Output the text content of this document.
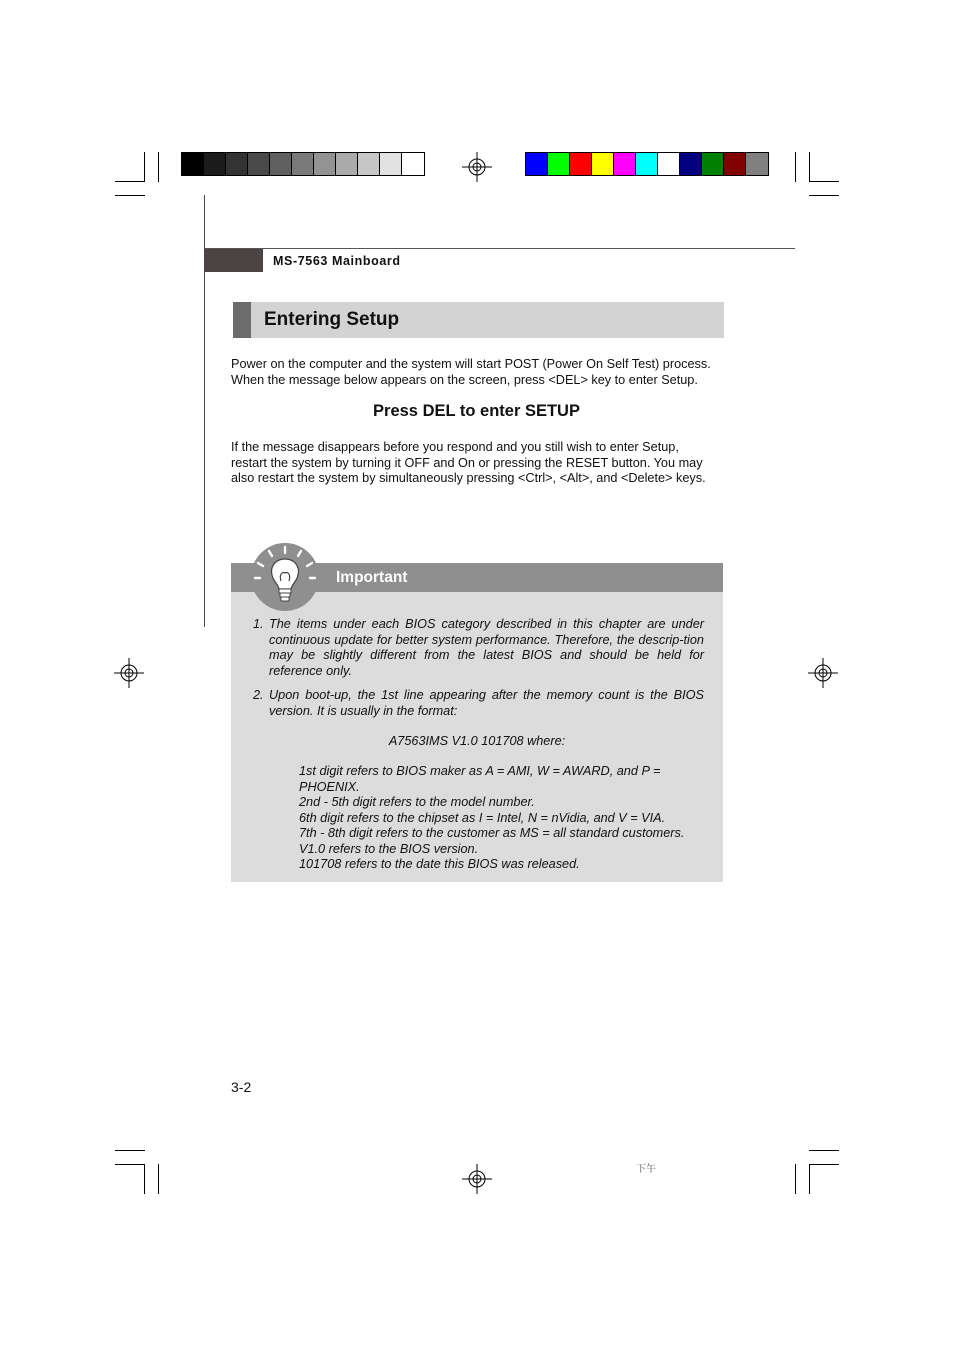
MS-7563 Mainboard
Entering Setup

Power on the computer and the system will start POST (Power On Self Test) process.

When the message below appears on the screen, press <DEL> key to enter Setup.

Press DEL to enter SETUP

If the message disappears before you respond and you still wish to enter Setup,

restart the system by turning it OFF and On or pressing the RESET button. You may

also restart the system by simultaneously pressing <Ctrl>, <Alt>, and <Delete> keys.

Important
1. The items under each BIOS category described in this chapter are under continuous update for better system performance. Therefore, the descrip-tion may be slightly different from the latest BIOS and should be held for reference only.
2. Upon boot-up, the 1st line appearing after the memory count is the BIOS version. It is usually in the format:
A7563IMS V1.0 101708 where:
1st digit refers to BIOS maker as A = AMI, W = AWARD, and P = PHOENIX.
2nd - 5th digit refers to the model number.
6th digit refers to the chipset as I = Intel, N = nVidia, and V = VIA.
7th - 8th digit refers to the customer as MS = all standard customers.
V1.0 refers to the BIOS version.
101708 refers to the date this BIOS was released.
3-2
下午
